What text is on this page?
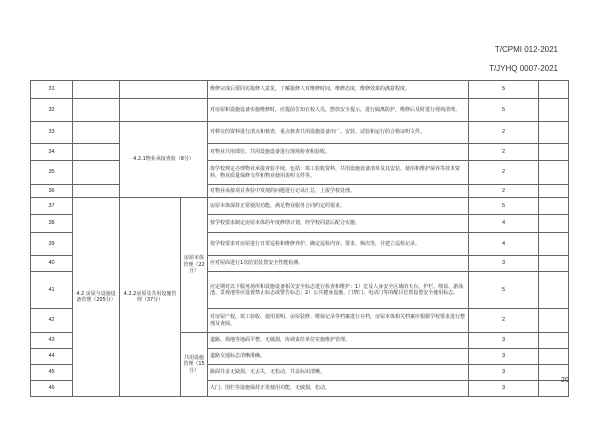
T/CPMI 012-2021
T/JYHQ 0007-2021
31				维修完成后要回访报修人意见，了解报修人对维修时间、维修态度、维修效果的满意程度。	5	
32				对房屋和设施设备实施维修时，应提前告知在校人员，摆放安全提示，进行隔离防护，维修后及时进行现场清理。	5	
33		4.2.1物业承接查验（8分）		对移交的资料进行清点和核查，重点核查共用设施设备出厂、安装、试验和运行的合格证明文件。	2	
34				对物业共用部位、共用设施设备进行现场检查和验收。	2	
35				按学校规定办理物业承接查验手续，包括：竣工验收资料、共用设施设备清单及其安装、使用和维护保养等技术资料，物业质量保修文件和物业使用说明文件等。	2	
36				对物业承接项目查验中发现的问题进行记录汇总，上报学校处理。	2	
37	4.2 房屋与设施设备管理（205分）	4.2.2房屋及共用设施管理（37分）	房屋本体管理（22分）	房屋本体保持正常使用功能，满足物业服务合同约定的要求。	5	
38				按学校要求制定房屋本体的年度修缮计划，经学校同意后配合实施。	4	
39				按学校要求对房屋进行日常巡检和维修养护，确定巡检内容、要求、频次等，并建立巡检记录。	4	
40				应对屋面进行1次防雷装置安全性能检测。	3	
41				应定期对以下服务场所和设施设备相关安全标志进行检查和维护：1）危及人身安全区域的天台、护栏、喷泉、游泳池、景观池等应设置禁止标志或警告标志；2）公共健身设施、门禁门、电动门等的醒目位置设置安全使用标志。	5	
42				对房屋产权、竣工验收、使用说明、房屋装修、维保记录等档案进行存档，房屋本体相关档案应根据学校要求进行整理及查阅。	2	
43			共用设施管理（15分）	道路、场地等地面平整、无破损，协调责任单位实施维护管理。	3	
44				道路交通标志清晰准确。	3	
45				路面井盖无缺损、无丢失，无松动，井盖标识清晰。	3	
46				大门、围栏等设施保持正常使用功能，无破损，松动。	3	
20
